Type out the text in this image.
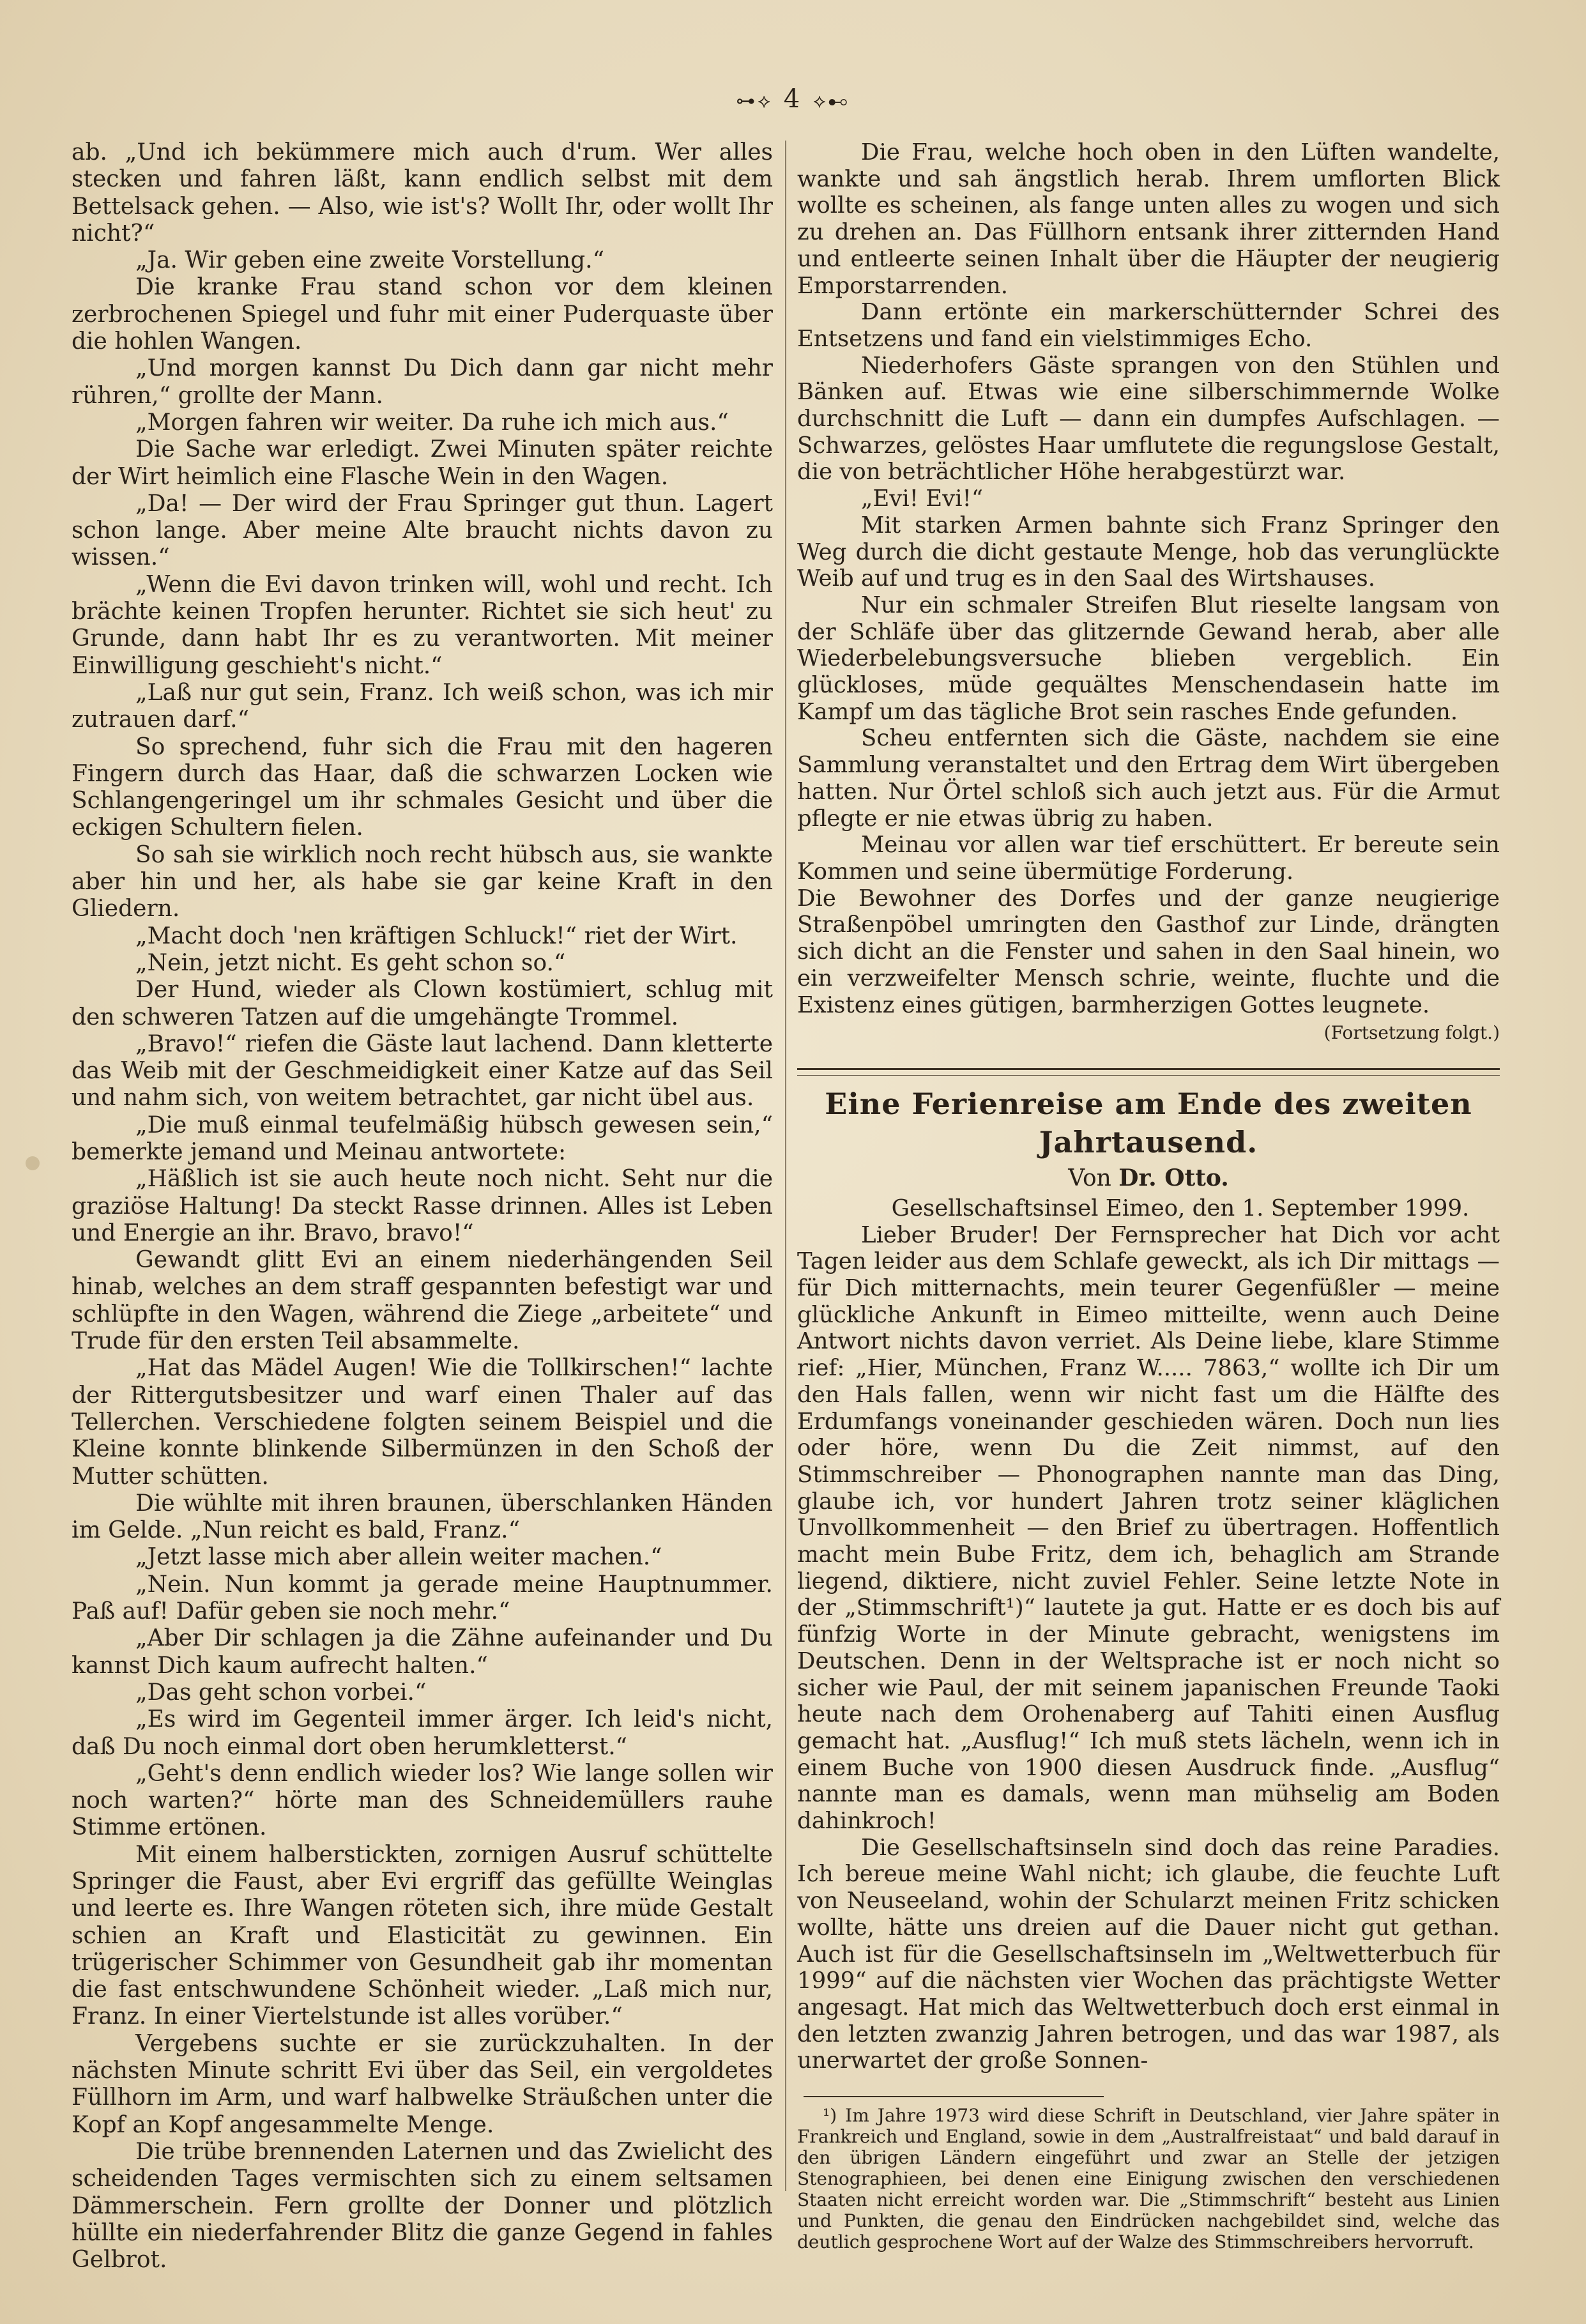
⊶⟡ 4 ⟡⊷

ab. „Und ich bekümmere mich auch d'rum. Wer alles stecken und fahren läßt, kann endlich selbst mit dem Bettelsack gehen. — Also, wie ist's? Wollt Ihr, oder wollt Ihr nicht?“

„Ja. Wir geben eine zweite Vorstellung.“

Die kranke Frau stand schon vor dem kleinen zerbrochenen Spiegel und fuhr mit einer Puderquaste über die hohlen Wangen.

„Und morgen kannst Du Dich dann gar nicht mehr rühren,“ grollte der Mann.

„Morgen fahren wir weiter. Da ruhe ich mich aus.“

Die Sache war erledigt. Zwei Minuten später reichte der Wirt heimlich eine Flasche Wein in den Wagen.

„Da! — Der wird der Frau Springer gut thun. Lagert schon lange. Aber meine Alte braucht nichts davon zu wissen.“

„Wenn die Evi davon trinken will, wohl und recht. Ich brächte keinen Tropfen herunter. Richtet sie sich heut' zu Grunde, dann habt Ihr es zu verantworten. Mit meiner Einwilligung geschieht's nicht.“

„Laß nur gut sein, Franz. Ich weiß schon, was ich mir zutrauen darf.“

So sprechend, fuhr sich die Frau mit den hageren Fingern durch das Haar, daß die schwarzen Locken wie Schlangengeringel um ihr schmales Gesicht und über die eckigen Schultern fielen.

So sah sie wirklich noch recht hübsch aus, sie wankte aber hin und her, als habe sie gar keine Kraft in den Gliedern.

„Macht doch 'nen kräftigen Schluck!“ riet der Wirt.

„Nein, jetzt nicht. Es geht schon so.“

Der Hund, wieder als Clown kostümiert, schlug mit den schweren Tatzen auf die umgehängte Trommel.

„Bravo!“ riefen die Gäste laut lachend. Dann kletterte das Weib mit der Geschmeidigkeit einer Katze auf das Seil und nahm sich, von weitem betrachtet, gar nicht übel aus.

„Die muß einmal teufelmäßig hübsch gewesen sein,“ bemerkte jemand und Meinau antwortete:

„Häßlich ist sie auch heute noch nicht. Seht nur die graziöse Haltung! Da steckt Rasse drinnen. Alles ist Leben und Energie an ihr. Bravo, bravo!“

Gewandt glitt Evi an einem niederhängenden Seil hinab, welches an dem straff gespannten befestigt war und schlüpfte in den Wagen, während die Ziege „arbeitete“ und Trude für den ersten Teil absammelte.

„Hat das Mädel Augen! Wie die Tollkirschen!“ lachte der Rittergutsbesitzer und warf einen Thaler auf das Tellerchen. Verschiedene folgten seinem Beispiel und die Kleine konnte blinkende Silbermünzen in den Schoß der Mutter schütten.

Die wühlte mit ihren braunen, überschlanken Händen im Gelde. „Nun reicht es bald, Franz.“

„Jetzt lasse mich aber allein weiter machen.“

„Nein. Nun kommt ja gerade meine Hauptnummer. Paß auf! Dafür geben sie noch mehr.“

„Aber Dir schlagen ja die Zähne aufeinander und Du kannst Dich kaum aufrecht halten.“

„Das geht schon vorbei.“

„Es wird im Gegenteil immer ärger. Ich leid's nicht, daß Du noch einmal dort oben herumkletterst.“

„Geht's denn endlich wieder los? Wie lange sollen wir noch warten?“ hörte man des Schneidemüllers rauhe Stimme ertönen.

Mit einem halberstickten, zornigen Ausruf schüttelte Springer die Faust, aber Evi ergriff das gefüllte Weinglas und leerte es. Ihre Wangen röteten sich, ihre müde Gestalt schien an Kraft und Elasticität zu gewinnen. Ein trügerischer Schimmer von Gesundheit gab ihr momentan die fast entschwundene Schönheit wieder. „Laß mich nur, Franz. In einer Viertelstunde ist alles vorüber.“

Vergebens suchte er sie zurückzuhalten. In der nächsten Minute schritt Evi über das Seil, ein vergoldetes Füllhorn im Arm, und warf halbwelke Sträußchen unter die Kopf an Kopf angesammelte Menge.

Die trübe brennenden Laternen und das Zwielicht des scheidenden Tages vermischten sich zu einem seltsamen Dämmerschein. Fern grollte der Donner und plötzlich hüllte ein niederfahrender Blitz die ganze Gegend in fahles Gelbrot.

Die Frau, welche hoch oben in den Lüften wandelte, wankte und sah ängstlich herab. Ihrem umflorten Blick wollte es scheinen, als fange unten alles zu wogen und sich zu drehen an. Das Füllhorn entsank ihrer zitternden Hand und entleerte seinen Inhalt über die Häupter der neugierig Emporstarrenden.

Dann ertönte ein markerschütternder Schrei des Entsetzens und fand ein vielstimmiges Echo.

Niederhofers Gäste sprangen von den Stühlen und Bänken auf. Etwas wie eine silberschimmernde Wolke durchschnitt die Luft — dann ein dumpfes Aufschlagen. — Schwarzes, gelöstes Haar umflutete die regungslose Gestalt, die von beträchtlicher Höhe herabgestürzt war.

„Evi! Evi!“

Mit starken Armen bahnte sich Franz Springer den Weg durch die dicht gestaute Menge, hob das verunglückte Weib auf und trug es in den Saal des Wirtshauses.

Nur ein schmaler Streifen Blut rieselte langsam von der Schläfe über das glitzernde Gewand herab, aber alle Wiederbelebungsversuche blieben vergeblich. Ein glückloses, müde gequältes Menschendasein hatte im Kampf um das tägliche Brot sein rasches Ende gefunden.

Scheu entfernten sich die Gäste, nachdem sie eine Sammlung veranstaltet und den Ertrag dem Wirt übergeben hatten. Nur Örtel schloß sich auch jetzt aus. Für die Armut pflegte er nie etwas übrig zu haben.

Meinau vor allen war tief erschüttert. Er bereute sein Kommen und seine übermütige Forderung.

Die Bewohner des Dorfes und der ganze neugierige Straßenpöbel umringten den Gasthof zur Linde, drängten sich dicht an die Fenster und sahen in den Saal hinein, wo ein verzweifelter Mensch schrie, weinte, fluchte und die Existenz eines gütigen, barmherzigen Gottes leugnete.

(Fortsetzung folgt.)
Eine Ferienreise am Ende des zweiten Jahrtausend.
Von Dr. Otto.

Gesellschaftsinsel Eimeo, den 1. September 1999.

Lieber Bruder! Der Fernsprecher hat Dich vor acht Tagen leider aus dem Schlafe geweckt, als ich Dir mittags — für Dich mitternachts, mein teurer Gegenfüßler — meine glückliche Ankunft in Eimeo mitteilte, wenn auch Deine Antwort nichts davon verriet. Als Deine liebe, klare Stimme rief: „Hier, München, Franz W..... 7863,“ wollte ich Dir um den Hals fallen, wenn wir nicht fast um die Hälfte des Erdumfangs voneinander geschieden wären. Doch nun lies oder höre, wenn Du die Zeit nimmst, auf den Stimmschreiber — Phonographen nannte man das Ding, glaube ich, vor hundert Jahren trotz seiner kläglichen Unvollkommenheit — den Brief zu übertragen. Hoffentlich macht mein Bube Fritz, dem ich, behaglich am Strande liegend, diktiere, nicht zuviel Fehler. Seine letzte Note in der „Stimmschrift¹)“ lautete ja gut. Hatte er es doch bis auf fünfzig Worte in der Minute gebracht, wenigstens im Deutschen. Denn in der Weltsprache ist er noch nicht so sicher wie Paul, der mit seinem japanischen Freunde Taoki heute nach dem Orohenaberg auf Tahiti einen Ausflug gemacht hat. „Ausflug!“ Ich muß stets lächeln, wenn ich in einem Buche von 1900 diesen Ausdruck finde. „Ausflug“ nannte man es damals, wenn man mühselig am Boden dahinkroch!

Die Gesellschaftsinseln sind doch das reine Paradies. Ich bereue meine Wahl nicht; ich glaube, die feuchte Luft von Neuseeland, wohin der Schularzt meinen Fritz schicken wollte, hätte uns dreien auf die Dauer nicht gut gethan. Auch ist für die Gesellschaftsinseln im „Weltwetterbuch für 1999“ auf die nächsten vier Wochen das prächtigste Wetter angesagt. Hat mich das Weltwetterbuch doch erst einmal in den letzten zwanzig Jahren betrogen, und das war 1987, als unerwartet der große Sonnen-

¹) Im Jahre 1973 wird diese Schrift in Deutschland, vier Jahre später in Frankreich und England, sowie in dem „Australfreistaat“ und bald darauf in den übrigen Ländern eingeführt und zwar an Stelle der jetzigen Stenographieen, bei denen eine Einigung zwischen den verschiedenen Staaten nicht erreicht worden war. Die „Stimmschrift“ besteht aus Linien und Punkten, die genau den Eindrücken nachgebildet sind, welche das deutlich gesprochene Wort auf der Walze des Stimmschreibers hervorruft.
